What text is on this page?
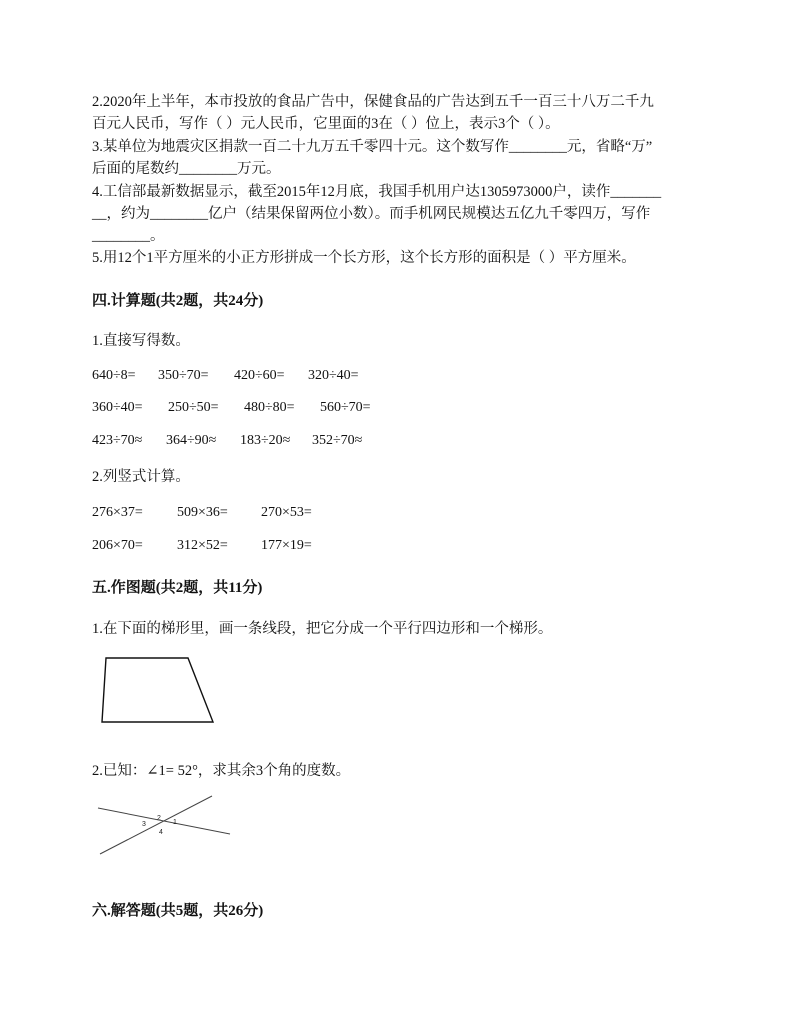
2.2020年上半年，本市投放的食品广告中，保健食品的广告达到五千一百三十八万二千九
百元人民币，写作（ ）元人民币，它里面的3在（ ）位上，表示3个（ ）。
3.某单位为地震灾区捐款一百二十九万五千零四十元。这个数写作________元，省略“万”
后面的尾数约________万元。
4.工信部最新数据显示，截至2015年12月底，我国手机用户达1305973000户，读作_______
__，约为________亿户（结果保留两位小数）。而手机网民规模达五亿九千零四万，写作
________。
5.用12个1平方厘米的小正方形拼成一个长方形，这个长方形的面积是（ ）平方厘米。
四.计算题(共2题，共24分)
1.直接写得数。
640÷8= 350÷70= 420÷60= 320÷40=
360÷40= 250÷50= 480÷80= 560÷70=
423÷70≈ 364÷90≈ 183÷20≈ 352÷70≈
2.列竖式计算。
276×37= 509×36= 270×53=
206×70= 312×52= 177×19=
五.作图题(共2题，共11分)
1.在下面的梯形里，画一条线段，把它分成一个平行四边形和一个梯形。
2.已知：∠1= 52°，求其余3个角的度数。
2
3	1
4
六.解答题(共5题，共26分)
